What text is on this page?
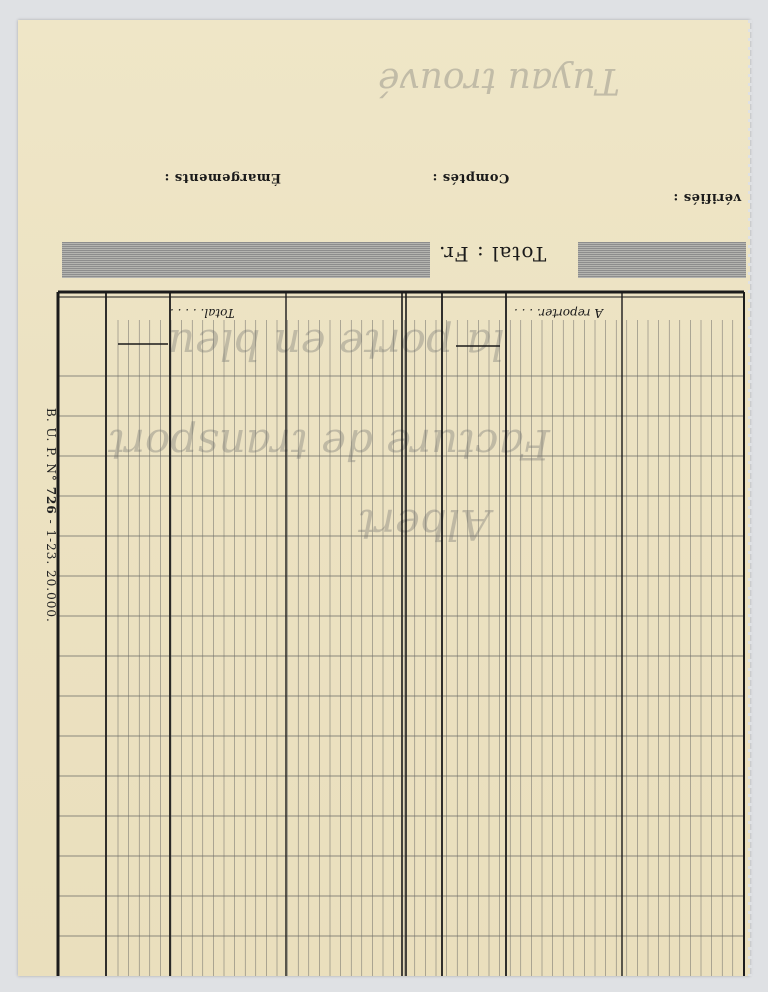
vérifiés :
Comptés :
Émargements :
Total : Fr.
Tuyau trouvé
la porte en bleu
Facture de transport
Albert
A reporter. . . .
Total. . . . .
B. U. P. N° 726 - 1-23. 20.000.
